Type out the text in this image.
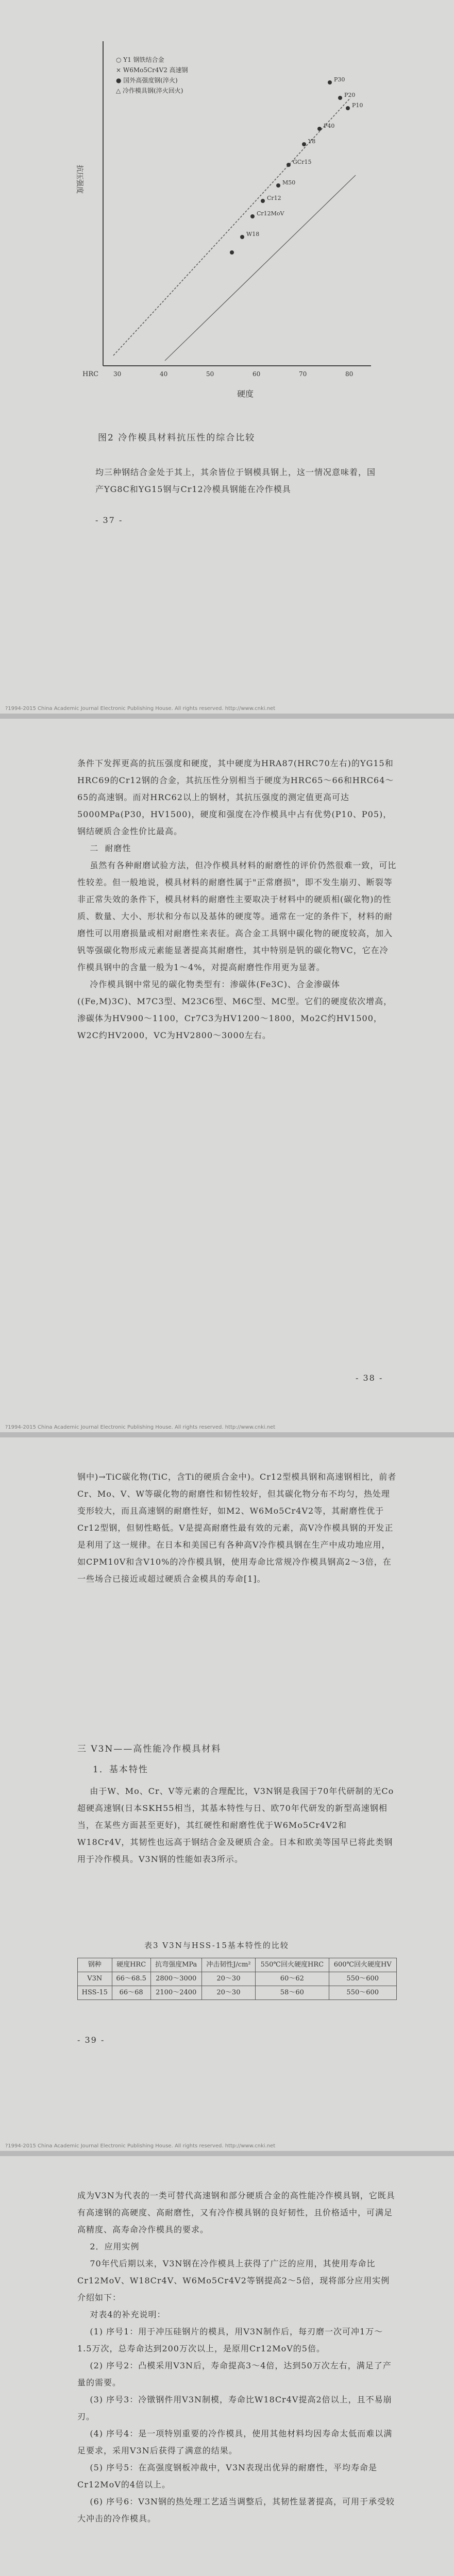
抗压强度
○ Y1 钢铁结合金
× W6Mo5Cr4V2 高速钢
● 国外高强度钢(淬火)
△ 冷作模具钢(淬火回火)
P30
P20
P10
P40
Y8
GCr15
M50
Cr12
Cr12MoV
W18
HRC 30	40	50	60	70	80
硬度
图2 冷作模具材料抗压性的综合比较
均三种钢结合金处于其上，其余皆位于钢模具钢上，这一情况意味着，国产YG8C和YG15钢与Cr12冷模具钢能在冷作模具
- 37 -
?1994-2015 China Academic Journal Electronic Publishing House. All rights reserved. http://www.cnki.net
条件下发挥更高的抗压强度和硬度，其中硬度为HRA87(HRC70左右)的YG15和HRC69的Cr12钢的合金，其抗压性分别相当于硬度为HRC65～66和HRC64～65的高速钢。而对HRC62以上的钢材，其抗压强度的测定值更高可达5000MPa(P30，HV1500)，硬度和强度在冷作模具中占有优势(P10、P05)，钢结硬质合金性价比最高。
二  耐磨性
虽然有各种耐磨试验方法，但冷作模具材料的耐磨性的评价仍然很难一致，可比性较差。但一般地说，模具材料的耐磨性属于"正常磨损"，即不发生崩刃、断裂等非正常失效的条件下，模具材料的耐磨性主要取决于材料中的硬质相(碳化物)的性质、数量、大小、形状和分布以及基体的硬度等。通常在一定的条件下，材料的耐磨性可以用磨损量或相对耐磨性来表征。高合金工具钢中碳化物的硬度较高，加入钒等强碳化物形成元素能显著提高其耐磨性，其中特别是钒的碳化物VC，它在冷作模具钢中的含量一般为1～4%，对提高耐磨性作用更为显著。
冷作模具钢中常见的碳化物类型有：渗碳体(Fe3C)、合金渗碳体((Fe,M)3C)、M7C3型、M23C6型、M6C型、MC型。它们的硬度依次增高，渗碳体为HV900～1100，Cr7C3为HV1200～1800，Mo2C约HV1500，W2C约HV2000，VC为HV2800～3000左右。
- 38 -
?1994-2015 China Academic Journal Electronic Publishing House. All rights reserved. http://www.cnki.net
钢中)→TiC碳化物(TiC，含Ti的硬质合金中)。Cr12型模具钢和高速钢相比，前者Cr、Mo、V、W等碳化物的耐磨性和韧性较好，但其碳化物分布不均匀，热处理变形较大，而且高速钢的耐磨性好，如M2、W6Mo5Cr4V2等，其耐磨性优于Cr12型钢，但韧性略低。V是提高耐磨性最有效的元素，高V冷作模具钢的开发正是利用了这一规律。在日本和美国已有各种高V冷作模具钢在生产中成功地应用，如CPM10V和含V10%的冷作模具钢，使用寿命比常规冷作模具钢高2～3倍，在一些场合已接近或超过硬质合金模具的寿命[1]。
三 V3N——高性能冷作模具材料
1．基本特性
由于W、Mo、Cr、V等元素的合理配比，V3N钢是我国于70年代研制的无Co超硬高速钢(日本SKH55相当，其基本特性与日、欧70年代研发的新型高速钢相当，在某些方面甚至更好)，其红硬性和耐磨性优于W6Mo5Cr4V2和W18Cr4V，其韧性也远高于钢结合金及硬质合金。日本和欧美等国早已将此类钢用于冷作模具。V3N钢的性能如表3所示。
表3 V3N与HSS-15基本特性的比较
钢种	硬度HRC	抗弯强度MPa	冲击韧性J/cm²	550℃回火硬度HRC	600℃回火硬度HV
V3N	66～68.5	2800～3000	20～30	60～62	550～600
HSS-15	66～68	2100～2400	20～30	58～60	550～600
- 39 -
?1994-2015 China Academic Journal Electronic Publishing House. All rights reserved. http://www.cnki.net
成为V3N为代表的一类可替代高速钢和部分硬质合金的高性能冷作模具钢，它既具有高速钢的高硬度、高耐磨性，又有冷作模具钢的良好韧性，且价格适中，可满足高精度、高寿命冷作模具的要求。
2．应用实例
70年代后期以来，V3N钢在冷作模具上获得了广泛的应用，其使用寿命比Cr12MoV、W18Cr4V、W6Mo5Cr4V2等钢提高2～5倍，现将部分应用实例介绍如下：
对表4的补充说明：
(1) 序号1：用于冲压硅钢片的模具，用V3N制作后，每刃磨一次可冲1万～1.5万次，总寿命达到200万次以上，是原用Cr12MoV的5倍。
(2) 序号2：凸模采用V3N后，寿命提高3～4倍，达到50万次左右，满足了产量的需要。
(3) 序号3：冷镦钢件用V3N制模，寿命比W18Cr4V提高2倍以上，且不易崩刃。
(4) 序号4：是一项特别重要的冷作模具，使用其他材料均因寿命太低而难以满足要求，采用V3N后获得了满意的结果。
(5) 序号5：在高强度钢板冲裁中，V3N表现出优异的耐磨性，平均寿命是Cr12MoV的4倍以上。
(6) 序号6：V3N钢的热处理工艺适当调整后，其韧性显著提高，可用于承受较大冲击的冷作模具。
